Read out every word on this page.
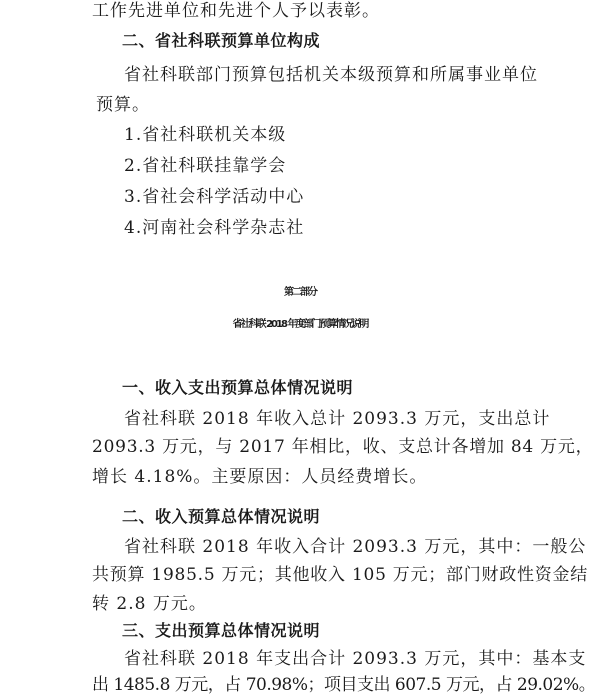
工作先进单位和先进个人予以表彰。
二、省社科联预算单位构成
省社科联部门预算包括机关本级预算和所属事业单位
预算。
1.省社科联机关本级
2.省社科联挂靠学会
3.省社会科学活动中心
4.河南社会科学杂志社
第二部分
省社科联 2018 年度部门预算情况说明
一、收入支出预算总体情况说明
省社科联 2018 年收入总计 2093.3 万元，支出总计
2093.3 万元，与 2017 年相比，收、支总计各增加 84 万元，
增长 4.18%。主要原因：人员经费增长。
二、收入预算总体情况说明
省社科联 2018 年收入合计 2093.3 万元，其中：一般公
共预算 1985.5 万元；其他收入 105 万元；部门财政性资金结
转 2.8 万元。
三、支出预算总体情况说明
省社科联 2018 年支出合计 2093.3 万元，其中：基本支
出 1485.8 万元，占 70.98%；项目支出 607.5 万元，占 29.02%。
